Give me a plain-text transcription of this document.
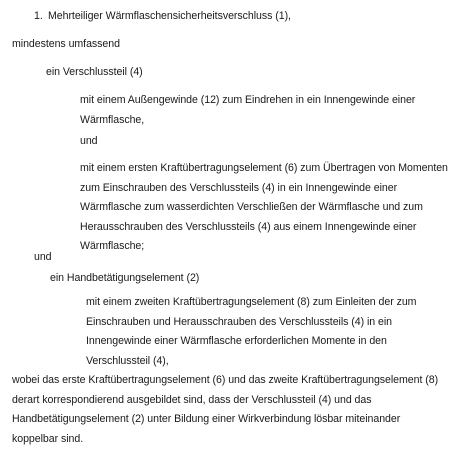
1. Mehrteiliger Wärmflaschensicherheitsverschluss (1),
mindestens umfassend
ein Verschlussteil (4)
mit einem Außengewinde (12) zum Eindrehen in ein Innengewinde einer Wärmflasche,
und
mit einem ersten Kraftübertragungselement (6) zum Übertragen von Momenten zum Einschrauben des Verschlussteils (4) in ein Innengewinde einer Wärmflasche zum wasserdichten Verschließen der Wärmflasche und zum Herausschrauben des Verschlussteils (4) aus einem Innengewinde einer Wärmflasche;
und
ein Handbetätigungselement (2)
mit einem zweiten Kraftübertragungselement (8) zum Einleiten der zum Einschrauben und Herausschrauben des Verschlussteils (4) in ein Innengewinde einer Wärmflasche erforderlichen Momente in den Verschlussteil (4),
wobei das erste Kraftübertragungselement (6) und das zweite Kraftübertragungselement (8) derart korrespondierend ausgebildet sind, dass der Verschlussteil (4) und das Handbetätigungselement (2) unter Bildung einer Wirkverbindung lösbar miteinander koppelbar sind.
